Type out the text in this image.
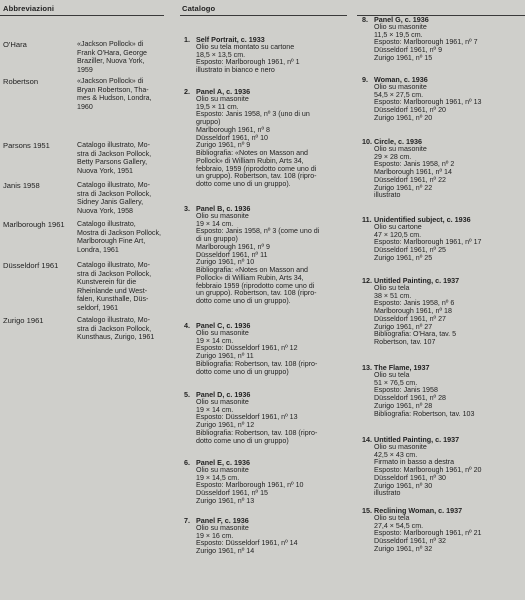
Abbreviazioni
O'Hara	«Jackson Pollock» di
Frank O'Hara, George
Braziller, Nuova York,
1959
Robertson	«Jackson Pollock» di
Bryan Robertson, Tha-
mes & Hudson, Londra,
1960
Parsons 1951	Catalogo illustrato, Mo-
stra di Jackson Pollock,
Betty Parsons Gallery,
Nuova York, 1951
Janis 1958	Catalogo illustrato, Mo-
stra di Jackson Pollock,
Sidney Janis Gallery,
Nuova York, 1958
Marlborough 1961 Catalogo illustrato,
Mostra di Jackson Pollock,
Marlborough Fine Art,
Londra, 1961
Düsseldorf 1961	Catalogo illustrato, Mo-
stra di Jackson Pollock,
Kunstverein für die
Rheinlande und West-
falen, Kunsthalle, Düs-
seldorf, 1961
Zurigo 1961	Catalogo illustrato, Mo-
stra di Jackson Pollock,
Kunsthaus, Zurigo, 1961
Catalogo
1. Self Portrait, c. 1933
Olio su tela montato su cartone
18,5 × 13,5 cm.
Esposto: Marlborough 1961, nº 1
illustrato in bianco e nero
2. Panel A, c. 1936
Olio su masonite
19,5 × 11 cm.
Esposto: Janis 1958, nº 3 (uno di un
gruppo)
Marlborough 1961, nº 8
Düsseldorf 1961, nº 10
Zurigo 1961, nº 9
Bibliografia: «Notes on Masson and
Pollock» di William Rubin, Arts 34,
febbraio, 1959 (riprodotto come uno di
un gruppo). Robertson, tav. 108 (ripro-
dotto come uno di un gruppo).
3. Panel B, c. 1936
Olio su masonite
19 × 14 cm.
Esposto: Janis 1958, nº 3 (come uno di
di un gruppo)
Marlborough 1961, nº 9
Düsseldorf 1961, nº 11
Zurigo 1961, nº 10
Bibliografia: «Notes on Masson and
Pollock» di William Rubin, Arts 34,
febbraio 1959 (riprodotto come uno di
un gruppo). Robertson, tav. 108 (ripro-
dotto come uno di un gruppo).
4. Panel C, c. 1936
Olio su masonite
19 × 14 cm.
Esposto: Düsseldorf 1961, nº 12
Zurigo 1961, nº 11
Bibliografia: Robertson, tav. 108 (ripro-
dotto come uno di un gruppo)
5. Panel D, c. 1936
Olio su masonite
19 × 14 cm.
Esposto: Düsseldorf 1961, nº 13
Zurigo 1961, nº 12
Bibliografia: Robertson, tav. 108 (ripro-
dotto come uno di un gruppo)
6. Panel E, c. 1936
Olio su masonite
19 × 14,5 cm.
Esposto: Marlborough 1961, nº 10
Düsseldorf 1961, nº 15
Zurigo 1961, nº 13
7. Panel F, c. 1936
Olio su masonite
19 × 16 cm.
Esposto: Düsseldorf 1961, nº 14
Zurigo 1961, nº 14
8. Panel G, c. 1936
Olio su masonite
11,5 × 19,5 cm.
Esposto: Marlborough 1961, nº 7
Düsseldorf 1961, nº 9
Zurigo 1961, nº 15
9. Woman, c. 1936
Olio su masonite
54,5 × 27,5 cm.
Esposto: Marlborough 1961, nº 13
Düsseldorf 1961, nº 20
Zurigo 1961, nº 20
10. Circle, c. 1936
Olio su masonite
29 × 28 cm.
Esposto: Janis 1958, nº 2
Marlborough 1961, nº 14
Düsseldorf 1961, nº 22
Zurigo 1961, nº 22
illustrato
11. Unidentified subject, c. 1936
Olio su cartone
47 × 120,5 cm.
Esposto: Marlborough 1961, nº 17
Düsseldorf 1961, nº 25
Zurigo 1961, nº 25
12. Untitled Painting, c. 1937
Olio su tela
38 × 51 cm.
Esposto: Janis 1958, nº 6
Marlborough 1961, nº 18
Düsseldorf 1961, nº 27
Zurigo 1961, nº 27
Bibliografia: O'Hara, tav. 5
Robertson, tav. 107
13. The Flame, 1937
Olio su tela
51 × 76,5 cm.
Esposto: Janis 1958
Düsseldorf 1961, nº 28
Zurigo 1961, nº 28
Bibliografia: Robertson, tav. 103
14. Untitled Painting, c. 1937
Olio su masonite
42,5 × 43 cm.
Firmato in basso a destra
Esposto: Marlborough 1961, nº 20
Düsseldorf 1961, nº 30
Zurigo 1961, nº 30
illustrato
15. Reclining Woman, c. 1937
Olio su tela
27,4 × 54,5 cm.
Esposto: Marlborough 1961, nº 21
Düsseldorf 1961, nº 32
Zurigo 1961, nº 32
